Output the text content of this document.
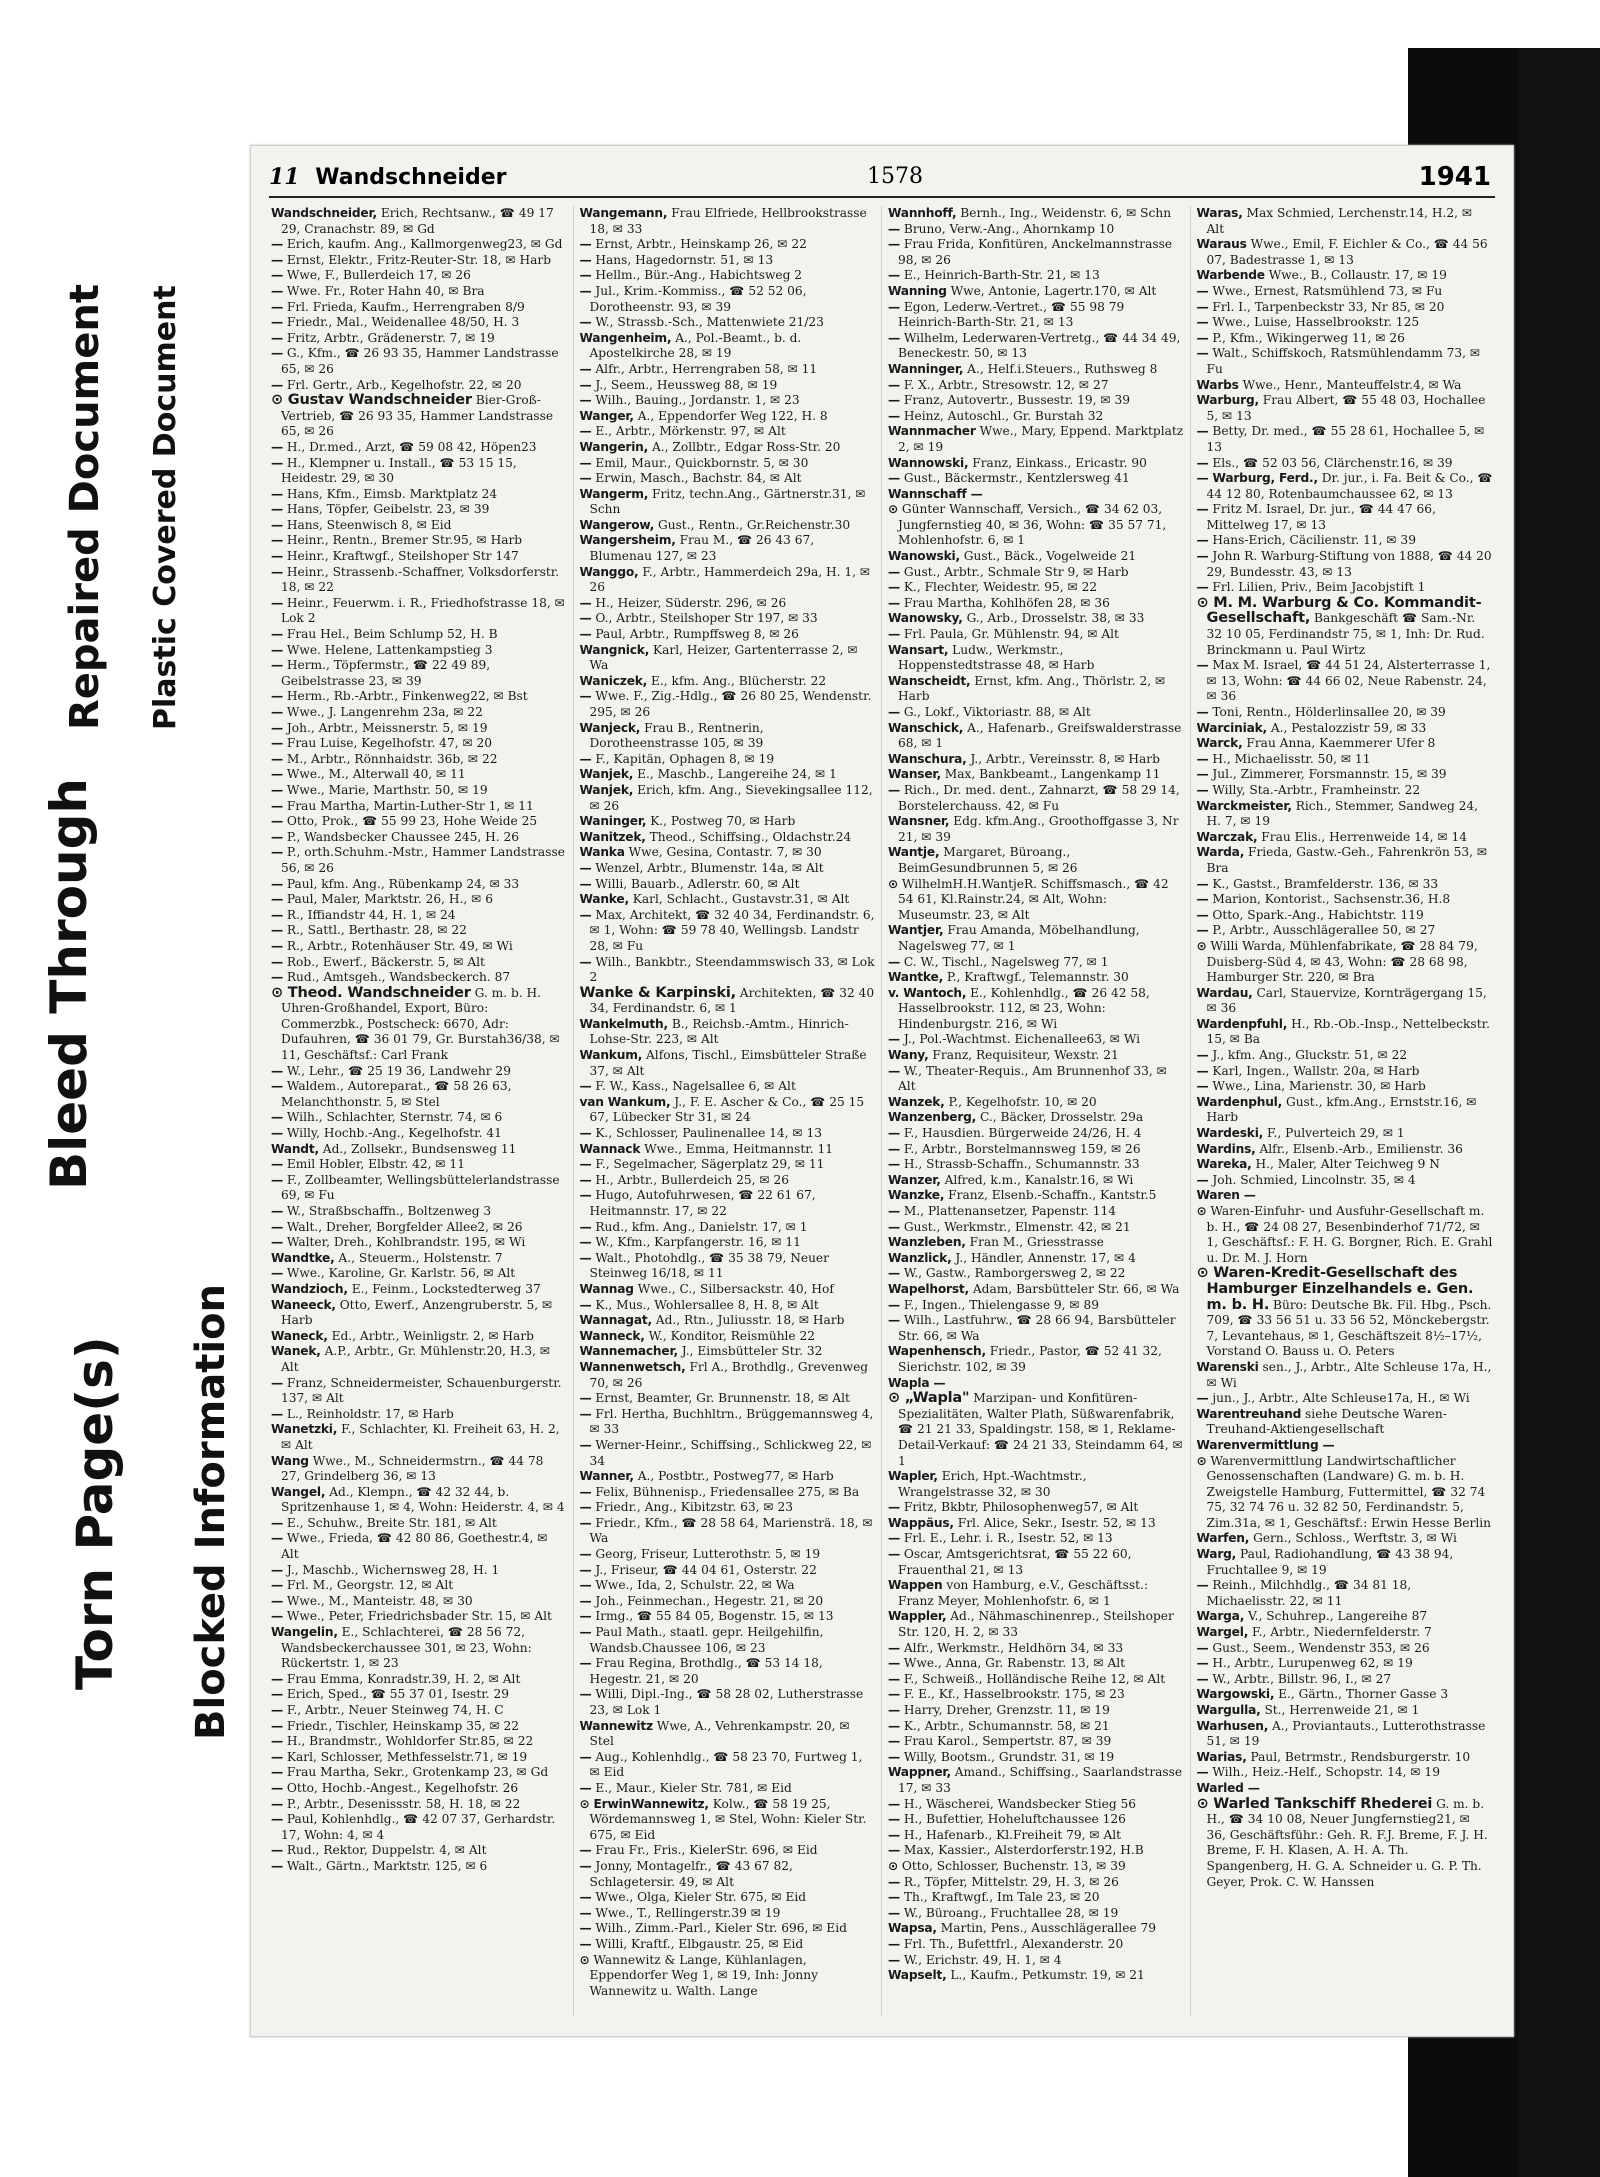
Bleed Through
Repaired Document Plastic Covered Document
Torn Page(s) Blocked Information
11 Wandschneider	1578	1941

Wandschneider, Erich, Rechtsanw., ☎ 49 17 29, Cranachstr. 89, ✉ Gd

— Erich, kaufm. Ang., Kallmorgenweg23, ✉ Gd

— Ernst, Elektr., Fritz-Reuter-Str. 18, ✉ Harb

— Wwe, F., Bullerdeich 17, ✉ 26

— Wwe. Fr., Roter Hahn 40, ✉ Bra

— Frl. Frieda, Kaufm., Herrengraben 8/9

— Friedr., Mal., Weidenallee 48/50, H. 3

— Fritz, Arbtr., Grädenerstr. 7, ✉ 19

— G., Kfm., ☎ 26 93 35, Hammer Landstrasse 65, ✉ 26

— Frl. Gertr., Arb., Kegelhofstr. 22, ✉ 20

⊙ Gustav Wandschneider Bier-Groß-Vertrieb, ☎ 26 93 35, Hammer Landstrasse 65, ✉ 26

— H., Dr.med., Arzt, ☎ 59 08 42, Höpen23

— H., Klempner u. Install., ☎ 53 15 15, Heidestr. 29, ✉ 30

— Hans, Kfm., Eimsb. Marktplatz 24

— Hans, Töpfer, Geibelstr. 23, ✉ 39

— Hans, Steenwisch 8, ✉ Eid

— Heinr., Rentn., Bremer Str.95, ✉ Harb

— Heinr., Kraftwgf., Steilshoper Str 147

— Heinr., Strassenb.-Schaffner, Volksdorferstr. 18, ✉ 22

— Heinr., Feuerwm. i. R., Friedhofstrasse 18, ✉ Lok 2

— Frau Hel., Beim Schlump 52, H. B

— Wwe. Helene, Lattenkampstieg 3

— Herm., Töpfermstr., ☎ 22 49 89, Geibelstrasse 23, ✉ 39

— Herm., Rb.-Arbtr., Finkenweg22, ✉ Bst

— Wwe., J. Langenrehm 23a, ✉ 22

— Joh., Arbtr., Meissnerstr. 5, ✉ 19

— Frau Luise, Kegelhofstr. 47, ✉ 20

— M., Arbtr., Rönnhaidstr. 36b, ✉ 22

— Wwe., M., Alterwall 40, ✉ 11

— Wwe., Marie, Marthstr. 50, ✉ 19

— Frau Martha, Martin-Luther-Str 1, ✉ 11

— Otto, Prok., ☎ 55 99 23, Hohe Weide 25

— P., Wandsbecker Chaussee 245, H. 26

— P., orth.Schuhm.-Mstr., Hammer Landstrasse 56, ✉ 26

— Paul, kfm. Ang., Rübenkamp 24, ✉ 33

— Paul, Maler, Marktstr. 26, H., ✉ 6

— R., Iffiandstr 44, H. 1, ✉ 24

— R., Sattl., Berthastr. 28, ✉ 22

— R., Arbtr., Rotenhäuser Str. 49, ✉ Wi

— Rob., Ewerf., Bäckerstr. 5, ✉ Alt

— Rud., Amtsgeh., Wandsbeckerch. 87

⊙ Theod. Wandschneider G. m. b. H. Uhren-Großhandel, Export, Büro: Commerzbk., Postscheck: 6670, Adr: Dufauhren, ☎ 36 01 79, Gr. Burstah36/38, ✉ 11, Geschäftsf.: Carl Frank

— W., Lehr., ☎ 25 19 36, Landwehr 29

— Waldem., Autoreparat., ☎ 58 26 63, Melanchthonstr. 5, ✉ Stel

— Wilh., Schlachter, Sternstr. 74, ✉ 6

— Willy, Hochb.-Ang., Kegelhofstr. 41

Wandt, Ad., Zollsekr., Bundsensweg 11

— Emil Hobler, Elbstr. 42, ✉ 11

— F., Zollbeamter, Wellingsbüttelerlandstrasse 69, ✉ Fu

— W., Straßbschaffn., Boltzenweg 3

— Walt., Dreher, Borgfelder Allee2, ✉ 26

— Walter, Dreh., Kohlbrandstr. 195, ✉ Wi

Wandtke, A., Steuerm., Holstenstr. 7

— Wwe., Karoline, Gr. Karlstr. 56, ✉ Alt

Wandzioch, E., Feinm., Lockstedterweg 37

Waneeck, Otto, Ewerf., Anzengruberstr. 5, ✉ Harb

Waneck, Ed., Arbtr., Weinligstr. 2, ✉ Harb

Wanek, A.P., Arbtr., Gr. Mühlenstr.20, H.3, ✉ Alt

— Franz, Schneidermeister, Schauenburgerstr. 137, ✉ Alt

— L., Reinholdstr. 17, ✉ Harb

Wanetzki, F., Schlachter, Kl. Freiheit 63, H. 2, ✉ Alt

Wang Wwe., M., Schneidermstrn., ☎ 44 78 27, Grindelberg 36, ✉ 13

Wangel, Ad., Klempn., ☎ 42 32 44, b. Spritzenhause 1, ✉ 4, Wohn: Heiderstr. 4, ✉ 4

— E., Schuhw., Breite Str. 181, ✉ Alt

— Wwe., Frieda, ☎ 42 80 86, Goethestr.4, ✉ Alt

— J., Maschb., Wichernsweg 28, H. 1

— Frl. M., Georgstr. 12, ✉ Alt

— Wwe., M., Manteistr. 48, ✉ 30

— Wwe., Peter, Friedrichsbader Str. 15, ✉ Alt

Wangelin, E., Schlachterei, ☎ 28 56 72, Wandsbeckerchaussee 301, ✉ 23, Wohn: Rückertstr. 1, ✉ 23

— Frau Emma, Konradstr.39, H. 2, ✉ Alt

— Erich, Sped., ☎ 55 37 01, Isestr. 29

— F., Arbtr., Neuer Steinweg 74, H. C

— Friedr., Tischler, Heinskamp 35, ✉ 22

— H., Brandmstr., Wohldorfer Str.85, ✉ 22

— Karl, Schlosser, Methfesselstr.71, ✉ 19

— Frau Martha, Sekr., Grotenkamp 23, ✉ Gd

— Otto, Hochb.-Angest., Kegelhofstr. 26

— P., Arbtr., Desenissstr. 58, H. 18, ✉ 22

— Paul, Kohlenhdlg., ☎ 42 07 37, Gerhardstr. 17, Wohn: 4, ✉ 4

— Rud., Rektor, Duppelstr. 4, ✉ Alt

— Walt., Gärtn., Marktstr. 125, ✉ 6

Wangemann, Frau Elfriede, Hellbrookstrasse 18, ✉ 33

— Ernst, Arbtr., Heinskamp 26, ✉ 22

— Hans, Hagedornstr. 51, ✉ 13

— Hellm., Bür.-Ang., Habichtsweg 2

— Jul., Krim.-Kommiss., ☎ 52 52 06, Dorotheenstr. 93, ✉ 39

— W., Strassb.-Sch., Mattenwiete 21/23

Wangenheim, A., Pol.-Beamt., b. d. Apostelkirche 28, ✉ 19

— Alfr., Arbtr., Herrengraben 58, ✉ 11

— J., Seem., Heussweg 88, ✉ 19

— Wilh., Bauing., Jordanstr. 1, ✉ 23

Wanger, A., Eppendorfer Weg 122, H. 8

— E., Arbtr., Mörkenstr. 97, ✉ Alt

Wangerin, A., Zollbtr., Edgar Ross-Str. 20

— Emil, Maur., Quickbornstr. 5, ✉ 30

— Erwin, Masch., Bachstr. 84, ✉ Alt

Wangerm, Fritz, techn.Ang., Gärtnerstr.31, ✉ Schn

Wangerow, Gust., Rentn., Gr.Reichenstr.30

Wangersheim, Frau M., ☎ 26 43 67, Blumenau 127, ✉ 23

Wanggo, F., Arbtr., Hammerdeich 29a, H. 1, ✉ 26

— H., Heizer, Süderstr. 296, ✉ 26

— O., Arbtr., Steilshoper Str 197, ✉ 33

— Paul, Arbtr., Rumpffsweg 8, ✉ 26

Wangnick, Karl, Heizer, Gartenterrasse 2, ✉ Wa

Waniczek, E., kfm. Ang., Blücherstr. 22

— Wwe. F., Zig.-Hdlg., ☎ 26 80 25, Wendenstr. 295, ✉ 26

Wanjeck, Frau B., Rentnerin, Dorotheenstrasse 105, ✉ 39

— F., Kapitän, Ophagen 8, ✉ 19

Wanjek, E., Maschb., Langereihe 24, ✉ 1

Wanjek, Erich, kfm. Ang., Sievekingsallee 112, ✉ 26

Waninger, K., Postweg 70, ✉ Harb

Wanitzek, Theod., Schiffsing., Oldachstr.24

Wanka Wwe, Gesina, Contastr. 7, ✉ 30

— Wenzel, Arbtr., Blumenstr. 14a, ✉ Alt

— Willi, Bauarb., Adlerstr. 60, ✉ Alt

Wanke, Karl, Schlacht., Gustavstr.31, ✉ Alt

— Max, Architekt, ☎ 32 40 34, Ferdinandstr. 6, ✉ 1, Wohn: ☎ 59 78 40, Wellingsb. Landstr 28, ✉ Fu

— Wilh., Bankbtr., Steendammswisch 33, ✉ Lok 2

Wanke & Karpinski, Architekten, ☎ 32 40 34, Ferdinandstr. 6, ✉ 1

Wankelmuth, B., Reichsb.-Amtm., Hinrich-Lohse-Str. 223, ✉ Alt

Wankum, Alfons, Tischl., Eimsbütteler Straße 37, ✉ Alt

— F. W., Kass., Nagelsallee 6, ✉ Alt

van Wankum, J., F. E. Ascher & Co., ☎ 25 15 67, Lübecker Str 31, ✉ 24

— K., Schlosser, Paulinenallee 14, ✉ 13

Wannack Wwe., Emma, Heitmannstr. 11

— F., Segelmacher, Sägerplatz 29, ✉ 11

— H., Arbtr., Bullerdeich 25, ✉ 26

— Hugo, Autofuhrwesen, ☎ 22 61 67, Heitmannstr. 17, ✉ 22

— Rud., kfm. Ang., Danielstr. 17, ✉ 1

— W., Kfm., Karpfangerstr. 16, ✉ 11

— Walt., Photohdlg., ☎ 35 38 79, Neuer Steinweg 16/18, ✉ 11

Wannag Wwe., C., Silbersackstr. 40, Hof

— K., Mus., Wohlersallee 8, H. 8, ✉ Alt

Wannagat, Ad., Rtn., Juliusstr. 18, ✉ Harb

Wanneck, W., Konditor, Reismühle 22

Wannemacher, J., Eimsbütteler Str. 32

Wannenwetsch, Frl A., Brothdlg., Grevenweg 70, ✉ 26

— Ernst, Beamter, Gr. Brunnenstr. 18, ✉ Alt

— Frl. Hertha, Buchhltrn., Brüggemannsweg 4, ✉ 33

— Werner-Heinr., Schiffsing., Schlickweg 22, ✉ 34

Wanner, A., Postbtr., Postweg77, ✉ Harb

— Felix, Bühnenisp., Friedensallee 275, ✉ Ba

— Friedr., Ang., Kibitzstr. 63, ✉ 23

— Friedr., Kfm., ☎ 28 58 64, Mariensträ. 18, ✉ Wa

— Georg, Friseur, Lutterothstr. 5, ✉ 19

— J., Friseur, ☎ 44 04 61, Osterstr. 22

— Wwe., Ida, 2, Schulstr. 22, ✉ Wa

— Joh., Feinmechan., Hegestr. 21, ✉ 20

— Irmg., ☎ 55 84 05, Bogenstr. 15, ✉ 13

— Paul Math., staatl. gepr. Heilgehilfin, Wandsb.Chaussee 106, ✉ 23

— Frau Regina, Brothdlg., ☎ 53 14 18, Hegestr. 21, ✉ 20

— Willi, Dipl.-Ing., ☎ 58 28 02, Lutherstrasse 23, ✉ Lok 1

Wannewitz Wwe, A., Vehrenkampstr. 20, ✉ Stel

— Aug., Kohlenhdlg., ☎ 58 23 70, Furtweg 1, ✉ Eid

— E., Maur., Kieler Str. 781, ✉ Eid

⊙ ErwinWannewitz, Kolw., ☎ 58 19 25, Wördemannsweg 1, ✉ Stel, Wohn: Kieler Str. 675, ✉ Eid

— Frau Fr., Fris., KielerStr. 696, ✉ Eid

— Jonny, Montagelfr., ☎ 43 67 82, Schlagetersir. 49, ✉ Alt

— Wwe., Olga, Kieler Str. 675, ✉ Eid

— Wwe., T., Rellingerstr.39 ✉ 19

— Wilh., Zimm.-Parl., Kieler Str. 696, ✉ Eid

— Willi, Kraftf., Elbgaustr. 25, ✉ Eid

⊙ Wannewitz & Lange, Kühlanlagen, Eppendorfer Weg 1, ✉ 19, Inh: Jonny Wannewitz u. Walth. Lange

Wannhoff, Bernh., Ing., Weidenstr. 6, ✉ Schn

— Bruno, Verw.-Ang., Ahornkamp 10

— Frau Frida, Konfitüren, Anckelmannstrasse 98, ✉ 26

— E., Heinrich-Barth-Str. 21, ✉ 13

Wanning Wwe, Antonie, Lagertr.170, ✉ Alt

— Egon, Lederw.-Vertret., ☎ 55 98 79 Heinrich-Barth-Str. 21, ✉ 13

— Wilhelm, Lederwaren-Vertretg., ☎ 44 34 49, Beneckestr. 50, ✉ 13

Wanninger, A., Helf.i.Steuers., Ruthsweg 8

— F. X., Arbtr., Stresowstr. 12, ✉ 27

— Franz, Autovertr., Bussestr. 19, ✉ 39

— Heinz, Autoschl., Gr. Burstah 32

Wannmacher Wwe., Mary, Eppend. Marktplatz 2, ✉ 19

Wannowski, Franz, Einkass., Ericastr. 90

— Gust., Bäckermstr., Kentzlersweg 41

Wannschaff —

⊙ Günter Wannschaff, Versich., ☎ 34 62 03, Jungfernstieg 40, ✉ 36, Wohn: ☎ 35 57 71, Mohlenhofstr. 6, ✉ 1

Wanowski, Gust., Bäck., Vogelweide 21

— Gust., Arbtr., Schmale Str 9, ✉ Harb

— K., Flechter, Weidestr. 95, ✉ 22

— Frau Martha, Kohlhöfen 28, ✉ 36

Wanowsky, G., Arb., Drosselstr. 38, ✉ 33

— Frl. Paula, Gr. Mühlenstr. 94, ✉ Alt

Wansart, Ludw., Werkmstr., Hoppenstedtstrasse 48, ✉ Harb

Wanscheidt, Ernst, kfm. Ang., Thörlstr. 2, ✉ Harb

— G., Lokf., Viktoriastr. 88, ✉ Alt

Wanschick, A., Hafenarb., Greifswalderstrasse 68, ✉ 1

Wanschura, J., Arbtr., Vereinsstr. 8, ✉ Harb

Wanser, Max, Bankbeamt., Langenkamp 11

— Rich., Dr. med. dent., Zahnarzt, ☎ 58 29 14, Borstelerchauss. 42, ✉ Fu

Wansner, Edg. kfm.Ang., Groothoffgasse 3, Nr 21, ✉ 39

Wantje, Margaret, Büroang., BeimGesundbrunnen 5, ✉ 26

⊙ WilhelmH.H.WantjeR. Schiffsmasch., ☎ 42 54 61, Kl.Rainstr.24, ✉ Alt, Wohn: Museumstr. 23, ✉ Alt

Wantjer, Frau Amanda, Möbelhandlung, Nagelsweg 77, ✉ 1

— C. W., Tischl., Nagelsweg 77, ✉ 1

Wantke, P., Kraftwgf., Telemannstr. 30

v. Wantoch, E., Kohlenhdlg., ☎ 26 42 58, Hasselbrookstr. 112, ✉ 23, Wohn: Hindenburgstr. 216, ✉ Wi

— J., Pol.-Wachtmst. Eichenallee63, ✉ Wi

Wany, Franz, Requisiteur, Wexstr. 21

— W., Theater-Requis., Am Brunnenhof 33, ✉ Alt

Wanzek, P., Kegelhofstr. 10, ✉ 20

Wanzenberg, C., Bäcker, Drosselstr. 29a

— F., Hausdien. Bürgerweide 24/26, H. 4

— F., Arbtr., Borstelmannsweg 159, ✉ 26

— H., Strassb-Schaffn., Schumannstr. 33

Wanzer, Alfred, k.m., Kanalstr.16, ✉ Wi

Wanzke, Franz, Elsenb.-Schaffn., Kantstr.5

— M., Plattenansetzer, Papenstr. 114

— Gust., Werkmstr., Elmenstr. 42, ✉ 21

Wanzleben, Fran M., Griesstrasse

Wanzlick, J., Händler, Annenstr. 17, ✉ 4

— W., Gastw., Ramborgersweg 2, ✉ 22

Wapelhorst, Adam, Barsbütteler Str. 66, ✉ Wa

— F., Ingen., Thielengasse 9, ✉ 89

— Wilh., Lastfuhrw., ☎ 28 66 94, Barsbütteler Str. 66, ✉ Wa

Wapenhensch, Friedr., Pastor, ☎ 52 41 32, Sierichstr. 102, ✉ 39

Wapla —

⊙ „Wapla" Marzipan- und Konfitüren-Spezialitäten, Walter Plath, Süßwarenfabrik, ☎ 21 21 33, Spaldingstr. 158, ✉ 1, Reklame-Detail-Verkauf: ☎ 24 21 33, Steindamm 64, ✉ 1

Wapler, Erich, Hpt.-Wachtmstr., Wrangelstrasse 32, ✉ 30

— Fritz, Bkbtr, Philosophenweg57, ✉ Alt

Wappäus, Frl. Alice, Sekr., Isestr. 52, ✉ 13

— Frl. E., Lehr. i. R., Isestr. 52, ✉ 13

— Oscar, Amtsgerichtsrat, ☎ 55 22 60, Frauenthal 21, ✉ 13

Wappen von Hamburg, e.V., Geschäftsst.: Franz Meyer, Mohlenhofstr. 6, ✉ 1

Wappler, Ad., Nähmaschinenrep., Steilshoper Str. 120, H. 2, ✉ 33

— Alfr., Werkmstr., Heldhörn 34, ✉ 33

— Wwe., Anna, Gr. Rabenstr. 13, ✉ Alt

— F., Schweiß., Holländische Reihe 12, ✉ Alt

— F. E., Kf., Hasselbrookstr. 175, ✉ 23

— Harry, Dreher, Grenzstr. 11, ✉ 19

— K., Arbtr., Schumannstr. 58, ✉ 21

— Frau Karol., Sempertstr. 87, ✉ 39

— Willy, Bootsm., Grundstr. 31, ✉ 19

Wappner, Amand., Schiffsing., Saarlandstrasse 17, ✉ 33

— H., Wäscherei, Wandsbecker Stieg 56

— H., Bufettier, Hoheluftchaussee 126

— H., Hafenarb., Kl.Freiheit 79, ✉ Alt

— Max, Kassier., Alsterdorferstr.192, H.B

⊙ Otto, Schlosser, Buchenstr. 13, ✉ 39

— R., Töpfer, Mittelstr. 29, H. 3, ✉ 26

— Th., Kraftwgf., Im Tale 23, ✉ 20

— W., Büroang., Fruchtallee 28, ✉ 19

Wapsa, Martin, Pens., Ausschlägerallee 79

— Frl. Th., Bufettfrl., Alexanderstr. 20

— W., Erichstr. 49, H. 1, ✉ 4

Wapselt, L., Kaufm., Petkumstr. 19, ✉ 21

Waras, Max Schmied, Lerchenstr.14, H.2, ✉ Alt

Waraus Wwe., Emil, F. Eichler & Co., ☎ 44 56 07, Badestrasse 1, ✉ 13

Warbende Wwe., B., Collaustr. 17, ✉ 19

— Wwe., Ernest, Ratsmühlend 73, ✉ Fu

— Frl. I., Tarpenbeckstr 33, Nr 85, ✉ 20

— Wwe., Luise, Hasselbrookstr. 125

— P., Kfm., Wikingerweg 11, ✉ 26

— Walt., Schiffskoch, Ratsmühlendamm 73, ✉ Fu

Warbs Wwe., Henr., Manteuffelstr.4, ✉ Wa

Warburg, Frau Albert, ☎ 55 48 03, Hochallee 5, ✉ 13

— Betty, Dr. med., ☎ 55 28 61, Hochallee 5, ✉ 13

— Els., ☎ 52 03 56, Clärchenstr.16, ✉ 39

— Warburg, Ferd., Dr. jur., i. Fa. Beit & Co., ☎ 44 12 80, Rotenbaumchaussee 62, ✉ 13

— Fritz M. Israel, Dr. jur., ☎ 44 47 66, Mittelweg 17, ✉ 13

— Hans-Erich, Cäcilienstr. 11, ✉ 39

— John R. Warburg-Stiftung von 1888, ☎ 44 20 29, Bundesstr. 43, ✉ 13

— Frl. Lilien, Priv., Beim Jacobjstift 1

⊙ M. M. Warburg & Co. Kommandit-Gesellschaft, Bankgeschäft ☎ Sam.-Nr. 32 10 05, Ferdinandstr 75, ✉ 1, Inh: Dr. Rud. Brinckmann u. Paul Wirtz

— Max M. Israel, ☎ 44 51 24, Alsterterrasse 1, ✉ 13, Wohn: ☎ 44 66 02, Neue Rabenstr. 24, ✉ 36

— Toni, Rentn., Hölderlinsallee 20, ✉ 39

Warciniak, A., Pestalozzistr 59, ✉ 33

Warck, Frau Anna, Kaemmerer Ufer 8

— H., Michaelisstr. 50, ✉ 11

— Jul., Zimmerer, Forsmannstr. 15, ✉ 39

— Willy, Sta.-Arbtr., Framheinstr. 22

Warckmeister, Rich., Stemmer, Sandweg 24, H. 7, ✉ 19

Warczak, Frau Elis., Herrenweide 14, ✉ 14

Warda, Frieda, Gastw.-Geh., Fahrenkrön 53, ✉ Bra

— K., Gastst., Bramfelderstr. 136, ✉ 33

— Marion, Kontorist., Sachsenstr.36, H.8

— Otto, Spark.-Ang., Habichtstr. 119

— P., Arbtr., Ausschlägerallee 50, ✉ 27

⊙ Willi Warda, Mühlenfabrikate, ☎ 28 84 79, Duisberg-Süd 4, ✉ 43, Wohn: ☎ 28 68 98, Hamburger Str. 220, ✉ Bra

Wardau, Carl, Stauervize, Kornträgergang 15, ✉ 36

Wardenpfuhl, H., Rb.-Ob.-Insp., Nettelbeckstr. 15, ✉ Ba

— J., kfm. Ang., Gluckstr. 51, ✉ 22

— Karl, Ingen., Wallstr. 20a, ✉ Harb

— Wwe., Lina, Marienstr. 30, ✉ Harb

Wardenphul, Gust., kfm.Ang., Ernststr.16, ✉ Harb

Wardeski, F., Pulverteich 29, ✉ 1

Wardins, Alfr., Elsenb.-Arb., Emilienstr. 36

Wareka, H., Maler, Alter Teichweg 9 N

— Joh. Schmied, Lincolnstr. 35, ✉ 4

Waren —

⊙ Waren-Einfuhr- und Ausfuhr-Gesellschaft m. b. H., ☎ 24 08 27, Besenbinderhof 71/72, ✉ 1, Geschäftsf.: F. H. G. Borgner, Rich. E. Grahl u. Dr. M. J. Horn

⊙ Waren-Kredit-Gesellschaft des Hamburger Einzelhandels e. Gen. m. b. H. Büro: Deutsche Bk. Fil. Hbg., Psch. 709, ☎ 33 56 51 u. 33 56 52, Mönckebergstr. 7, Levantehaus, ✉ 1, Geschäftszeit 8½–17½, Vorstand O. Bauss u. O. Peters

Warenski sen., J., Arbtr., Alte Schleuse 17a, H., ✉ Wi

— jun., J., Arbtr., Alte Schleuse17a, H., ✉ Wi

Warentreuhand siehe Deutsche Waren-Treuhand-Aktiengesellschaft

Warenvermittlung —

⊙ Warenvermittlung Landwirtschaftlicher Genossenschaften (Landware) G. m. b. H. Zweigstelle Hamburg, Futtermittel, ☎ 32 74 75, 32 74 76 u. 32 82 50, Ferdinandstr. 5, Zim.31a, ✉ 1, Geschäftsf.: Erwin Hesse Berlin

Warfen, Gern., Schloss., Werftstr. 3, ✉ Wi

Warg, Paul, Radiohandlung, ☎ 43 38 94, Fruchtallee 9, ✉ 19

— Reinh., Milchhdlg., ☎ 34 81 18, Michaelisstr. 22, ✉ 11

Warga, V., Schuhrep., Langereihe 87

Wargel, F., Arbtr., Niedernfelderstr. 7

— Gust., Seem., Wendenstr 353, ✉ 26

— H., Arbtr., Lurupenweg 62, ✉ 19

— W., Arbtr., Billstr. 96, I., ✉ 27

Wargowski, E., Gärtn., Thorner Gasse 3

Wargulla, St., Herrenweide 21, ✉ 1

Warhusen, A., Proviantauts., Lutterothstrasse 51, ✉ 19

Warias, Paul, Betrmstr., Rendsburgerstr. 10

— Wilh., Heiz.-Helf., Schopstr. 14, ✉ 19

Warled —

⊙ Warled Tankschiff Rhederei G. m. b. H., ☎ 34 10 08, Neuer Jungfernstieg21, ✉ 36, Geschäftsführ.: Geh. R. F.J. Breme, F. J. H. Breme, F. H. Klasen, A. H. A. Th. Spangenberg, H. G. A. Schneider u. G. P. Th. Geyer, Prok. C. W. Hanssen
